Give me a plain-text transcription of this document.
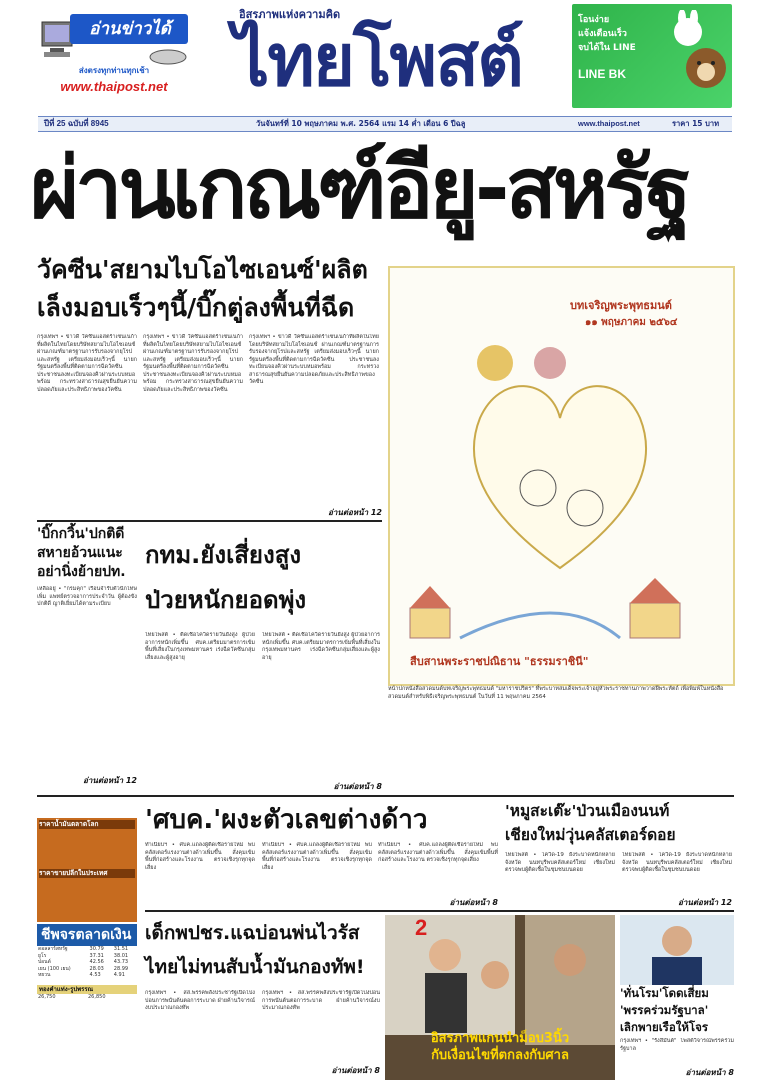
อ่านข่าวได้
ส่งตรงทุกท่านทุกเช้า
www.thaipost.net
อิสรภาพแห่งความคิด
ไทยโพสต์	โอนง่าย
แจ้งเตือนเร็ว
จบได้ใน LINE
LINE BK
ปีที่ 25 ฉบับที่ 8945	วันจันทร์ที่ 10 พฤษภาคม พ.ศ. 2564 แรม 14 ค่ำ เดือน 6 ปีฉลู	www.thaipost.net	ราคา 15 บาท
ผ่านเกณฑ์อียู-สหรัฐ
วัคซีน'สยามไบโอไซเอนซ์'ผลิต
เล็งมอบเร็วๆนี้/บิ๊กตู่ลงพื้นที่ฉีด
กรุงเทพฯ • ข่าวดี วัคซีนแอสตร้าเซนเนก้าที่ผลิตในไทยโดยบริษัทสยามไบโอไซเอนซ์ ผ่านเกณฑ์มาตรฐานการรับรองจากยุโรปและสหรัฐ เตรียมส่งมอบเร็วๆนี้ นายกรัฐมนตรีลงพื้นที่ติดตามการฉีดวัคซีน ประชาชนลงทะเบียนจองคิวผ่านระบบหมอพร้อม กระทรวงสาธารณสุขยืนยันความปลอดภัยและประสิทธิภาพของวัคซีน
กรุงเทพฯ • ข่าวดี วัคซีนแอสตร้าเซนเนก้าที่ผลิตในไทยโดยบริษัทสยามไบโอไซเอนซ์ ผ่านเกณฑ์มาตรฐานการรับรองจากยุโรปและสหรัฐ เตรียมส่งมอบเร็วๆนี้ นายกรัฐมนตรีลงพื้นที่ติดตามการฉีดวัคซีน ประชาชนลงทะเบียนจองคิวผ่านระบบหมอพร้อม กระทรวงสาธารณสุขยืนยันความปลอดภัยและประสิทธิภาพของวัคซีน
กรุงเทพฯ • ข่าวดี วัคซีนแอสตร้าเซนเนก้าที่ผลิตในไทยโดยบริษัทสยามไบโอไซเอนซ์ ผ่านเกณฑ์มาตรฐานการรับรองจากยุโรปและสหรัฐ เตรียมส่งมอบเร็วๆนี้ นายกรัฐมนตรีลงพื้นที่ติดตามการฉีดวัคซีน ประชาชนลงทะเบียนจองคิวผ่านระบบหมอพร้อม กระทรวงสาธารณสุขยืนยันความปลอดภัยและประสิทธิภาพของวัคซีน
อ่านต่อหน้า 12
บทเจริญพระพุทธมนต์
๑๑ พฤษภาคม ๒๕๖๔
สืบสานพระราชปณิธาน "ธรรมราชินี"
หน้าปกหนังสือสวดมนต์บทเจริญพระพุทธมนต์ "มหาราชปริตร" ที่พระบาทสมเด็จพระเจ้าอยู่หัวพระราชทานภาพวาดฝีพระหัตถ์ เพื่อพิมพ์ในหนังสือสวดมนต์สำหรับพิธีเจริญพระพุทธมนต์ ในวันที่ 11 พฤษภาคม 2564
'บิ๊กกวิ้น'ปกติดี สหายอ้วนแนะ อย่านิ่งย้ายปท.
เหลืออยู่ • "กรมคุก" เรือนจำรับตัวนักโทษเพิ่ม แพทย์ตรวจอาการประจำวัน ผู้ต้องขังปกติดี ญาติเยี่ยมได้ตามระเบียบ
อ่านต่อหน้า 12
กทม.ยังเสี่ยงสูง
ป่วยหนักยอดพุ่ง
ไทยโพสต์ • ติดเชื้อโควิดรายวันยังสูง ผู้ป่วยอาการหนักเพิ่มขึ้น ศบค.เตรียมมาตรการเข้มพื้นที่เสี่ยงในกรุงเทพมหานคร เร่งฉีดวัคซีนกลุ่มเสี่ยงและผู้สูงอายุ
ไทยโพสต์ • ติดเชื้อโควิดรายวันยังสูง ผู้ป่วยอาการหนักเพิ่มขึ้น ศบค.เตรียมมาตรการเข้มพื้นที่เสี่ยงในกรุงเทพมหานคร เร่งฉีดวัคซีนกลุ่มเสี่ยงและผู้สูงอายุ
อ่านต่อหน้า 8
'ศบค.'ผงะตัวเลขต่างด้าว
ทำเนียบฯ • ศบค.แถลงผู้ติดเชื้อรายใหม่ พบคลัสเตอร์แรงงานต่างด้าวเพิ่มขึ้น สั่งคุมเข้มพื้นที่ก่อสร้างและโรงงาน ตรวจเชิงรุกทุกจุดเสี่ยง
ทำเนียบฯ • ศบค.แถลงผู้ติดเชื้อรายใหม่ พบคลัสเตอร์แรงงานต่างด้าวเพิ่มขึ้น สั่งคุมเข้มพื้นที่ก่อสร้างและโรงงาน ตรวจเชิงรุกทุกจุดเสี่ยง
ทำเนียบฯ • ศบค.แถลงผู้ติดเชื้อรายใหม่ พบคลัสเตอร์แรงงานต่างด้าวเพิ่มขึ้น สั่งคุมเข้มพื้นที่ก่อสร้างและโรงงาน ตรวจเชิงรุกทุกจุดเสี่ยง
อ่านต่อหน้า 8
'หมูสะเต๊ะ'ป่วนเมืองนนท์
เชียงใหม่วุ่นคลัสเตอร์ดอย
ไทยโพสต์ • โควิด-19 ยังระบาดหนักหลายจังหวัด นนทบุรีพบคลัสเตอร์ใหม่ เชียงใหม่ตรวจพบผู้ติดเชื้อในชุมชนบนดอย
ไทยโพสต์ • โควิด-19 ยังระบาดหนักหลายจังหวัด นนทบุรีพบคลัสเตอร์ใหม่ เชียงใหม่ตรวจพบผู้ติดเชื้อในชุมชนบนดอย
อ่านต่อหน้า 12
ราคาน้ำมันตลาดโลก
ราคาขายปลีกในประเทศ
ชีพจรตลาดเงิน
ดอลลาร์สหรัฐ	30.79	31.51
ยูโร	37.31	38.01
ปอนด์	42.56	43.73
เยน (100 เยน)	28.03	28.99
หยวน	4.53	4.91
ทองคำแท่ง-รูปพรรณ
26,750	26,850
เด็กพปชร.แฉบ่อนพ่นไวรัส
ไทยไม่ทนสับน้ำมันกองทัพ!
กรุงเทพฯ • สส.พรรคพลังประชารัฐเปิดโปงบ่อนการพนันต้นตอการระบาด ฝ่ายค้านวิจารณ์งบประมาณกองทัพ
กรุงเทพฯ • สส.พรรคพลังประชารัฐเปิดโปงบ่อนการพนันต้นตอการระบาด ฝ่ายค้านวิจารณ์งบประมาณกองทัพ
อ่านต่อหน้า 8
2
อิสรภาพแกนนำม็อบ3นิ้ว
กับเงื่อนไขที่ตกลงกับศาล
'ทั่นโรม'โดดเสี่ยม
'พรรคร่วมรัฐบาล'
เลิกพายเรือให้โจร
กรุงเทพฯ • "รังสิมันต์" โพสต์วิจารณ์พรรคร่วมรัฐบาล
อ่านต่อหน้า 8
